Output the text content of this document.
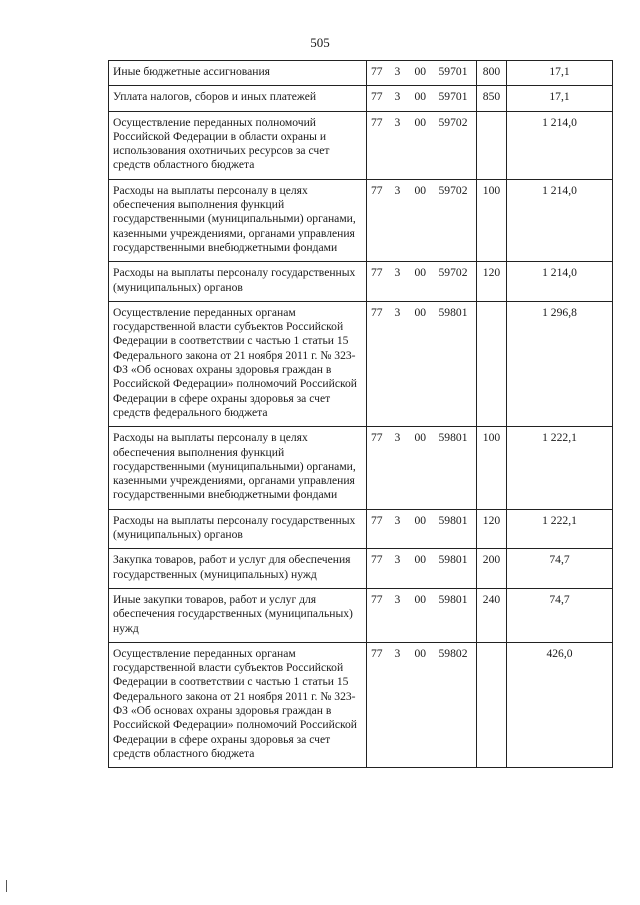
505
Иные бюджетные ассигнования	77	3	00	59701	800	17,1
Уплата налогов, сборов и иных платежей	77	3	00	59701	850	17,1
Осуществление переданных полномочий Российской Федерации в области охраны и использования охотничьих ресурсов за счет средств областного бюджета	77	3	00	59702		1 214,0
Расходы на выплаты персоналу в целях обеспечения выполнения функций государственными (муниципальными) органами, казенными учреждениями, органами управления государственными внебюджетными фондами	77	3	00	59702	100	1 214,0
Расходы на выплаты персоналу государственных (муниципальных) органов	77	3	00	59702	120	1 214,0
Осуществление переданных органам государственной власти субъектов Российской Федерации в соответствии с частью 1 статьи 15 Федерального закона от 21 ноября 2011 г. № 323-ФЗ «Об основах охраны здоровья граждан в Российской Федерации» полномочий Российской Федерации в сфере охраны здоровья за счет средств федерального бюджета	77	3	00	59801		1 296,8
Расходы на выплаты персоналу в целях обеспечения выполнения функций государственными (муниципальными) органами, казенными учреждениями, органами управления государственными внебюджетными фондами	77	3	00	59801	100	1 222,1
Расходы на выплаты персоналу государственных (муниципальных) органов	77	3	00	59801	120	1 222,1
Закупка товаров, работ и услуг для обеспечения государственных (муниципальных) нужд	77	3	00	59801	200	74,7
Иные закупки товаров, работ и услуг для обеспечения государственных (муниципальных) нужд	77	3	00	59801	240	74,7
Осуществление переданных органам государственной власти субъектов Российской Федерации в соответствии с частью 1 статьи 15 Федерального закона от 21 ноября 2011 г. № 323-ФЗ «Об основах охраны здоровья граждан в Российской Федерации» полномочий Российской Федерации в сфере охраны здоровья за счет средств областного бюджета	77	3	00	59802		426,0
